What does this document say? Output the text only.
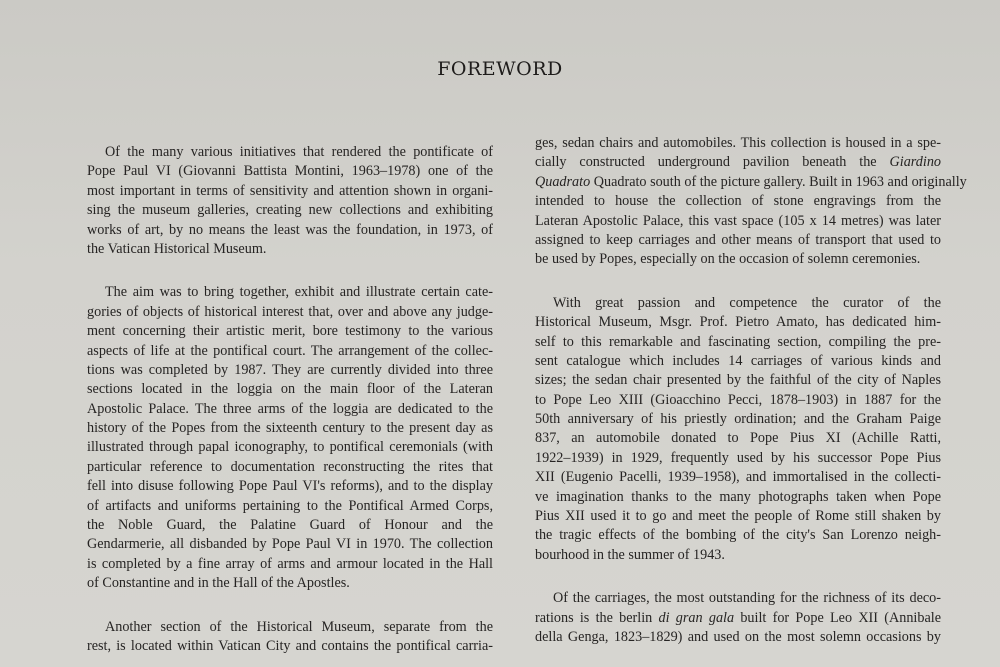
FOREWORD
Of the many various initiatives that rendered the pontificate of
Pope Paul VI (Giovanni Battista Montini, 1963–1978) one of the
most important in terms of sensitivity and attention shown in organi-
sing the museum galleries, creating new collections and exhibiting
works of art, by no means the least was the foundation, in 1973, of
the Vatican Historical Museum.
The aim was to bring together, exhibit and illustrate certain cate-
gories of objects of historical interest that, over and above any judge-
ment concerning their artistic merit, bore testimony to the various
aspects of life at the pontifical court. The arrangement of the collec-
tions was completed by 1987. They are currently divided into three
sections located in the loggia on the main floor of the Lateran
Apostolic Palace. The three arms of the loggia are dedicated to the
history of the Popes from the sixteenth century to the present day as
illustrated through papal iconography, to pontifical ceremonials (with
particular reference to documentation reconstructing the rites that
fell into disuse following Pope Paul VI's reforms), and to the display
of artifacts and uniforms pertaining to the Pontifical Armed Corps,
the Noble Guard, the Palatine Guard of Honour and the
Gendarmerie, all disbanded by Pope Paul VI in 1970. The collection
is completed by a fine array of arms and armour located in the Hall
of Constantine and in the Hall of the Apostles.
Another section of the Historical Museum, separate from the
rest, is located within Vatican City and contains the pontifical carria-
ges, sedan chairs and automobiles. This collection is housed in a spe-
cially constructed underground pavilion beneath the Giardino
Quadrato Quadrato south of the picture gallery. Built in 1963 and originally
intended to house the collection of stone engravings from the
Lateran Apostolic Palace, this vast space (105 x 14 metres) was later
assigned to keep carriages and other means of transport that used to
be used by Popes, especially on the occasion of solemn ceremonies.
With great passion and competence the curator of the
Historical Museum, Msgr. Prof. Pietro Amato, has dedicated him-
self to this remarkable and fascinating section, compiling the pre-
sent catalogue which includes 14 carriages of various kinds and
sizes; the sedan chair presented by the faithful of the city of Naples
to Pope Leo XIII (Gioacchino Pecci, 1878–1903) in 1887 for the
50th anniversary of his priestly ordination; and the Graham Paige
837, an automobile donated to Pope Pius XI (Achille Ratti,
1922–1939) in 1929, frequently used by his successor Pope Pius
XII (Eugenio Pacelli, 1939–1958), and immortalised in the collecti-
ve imagination thanks to the many photographs taken when Pope
Pius XII used it to go and meet the people of Rome still shaken by
the tragic effects of the bombing of the city's San Lorenzo neigh-
bourhood in the summer of 1943.
Of the carriages, the most outstanding for the richness of its deco-
rations is the berlin di gran gala built for Pope Leo XII (Annibale
della Genga, 1823–1829) and used on the most solemn occasions by
